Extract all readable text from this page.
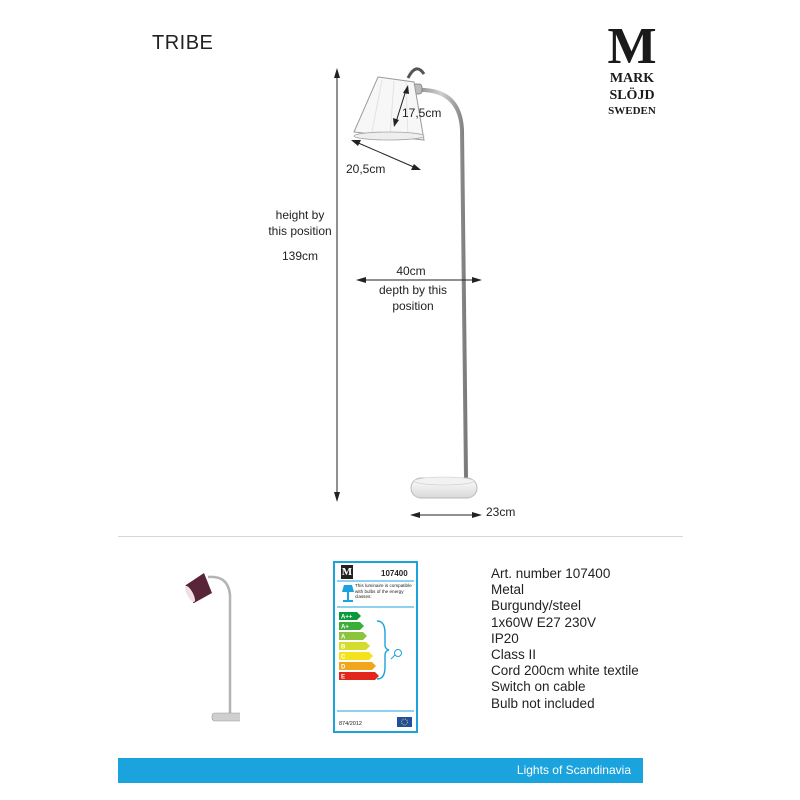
TRIBE	M
MARK
SLÖJD
SWEDEN
height by
this position
139cm
17,5cm
20,5cm
40cm
depth by this
position
23cm
M	107400
This luminaire is compatible with bulbs of the energy classes:
A++
A+
A
B
C
D
E
874/2012
Art. number 107400
Metal
Burgundy/steel
1x60W E27 230V
IP20
Class II
Cord 200cm white textile
Switch on cable
Bulb not included
Lights of Scandinavia
